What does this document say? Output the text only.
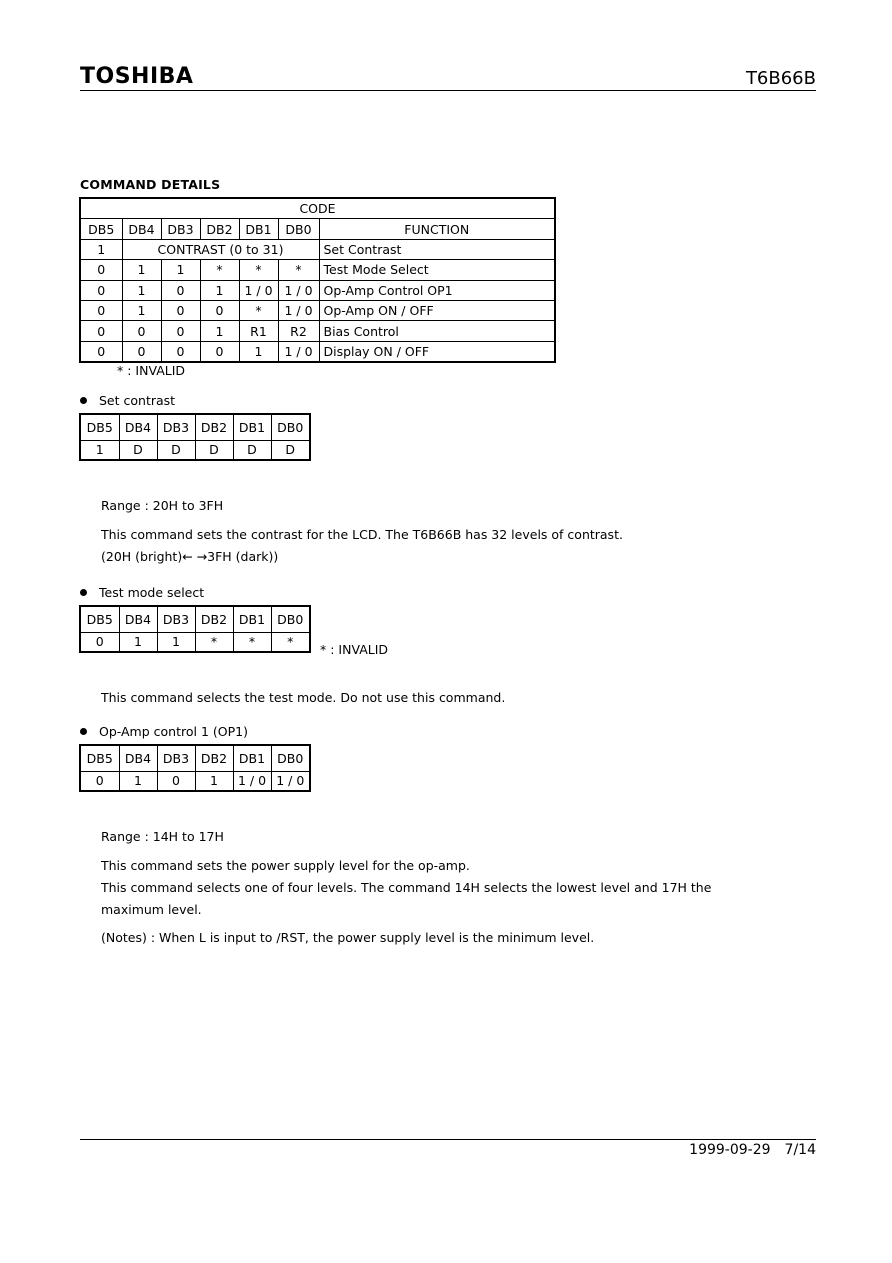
TOSHIBA	T6B66B
COMMAND DETAILS
CODE						
DB5	DB4	DB3	DB2	DB1	DB0	FUNCTION
1	CONTRAST (0 to 31)					Set Contrast
0	1	1	*	*	*	Test Mode Select
0	1	0	1	1 / 0	1 / 0	Op-Amp Control OP1
0	1	0	0	*	1 / 0	Op-Amp ON / OFF
0	0	0	1	R1	R2	Bias Control
0	0	0	0	1	1 / 0	Display ON / OFF
* : INVALID
Set contrast
DB5	DB4	DB3	DB2	DB1	DB0
1	D	D	D	D	D
Range : 20H to 3FH
This command sets the contrast for the LCD. The T6B66B has 32 levels of contrast.
(20H (bright)← →3FH (dark))
Test mode select
DB5	DB4	DB3	DB2	DB1	DB0
0	1	1	*	*	*
* : INVALID
This command selects the test mode. Do not use this command.
Op-Amp control 1 (OP1)
DB5	DB4	DB3	DB2	DB1	DB0
0	1	0	1	1 / 0	1 / 0
Range : 14H to 17H
This command sets the power supply level for the op-amp.
This command selects one of four levels. The command 14H selects the lowest level and 17H the
maximum level.
(Notes) : When L is input to /RST, the power supply level is the minimum level.
1999-09-29 7/14
